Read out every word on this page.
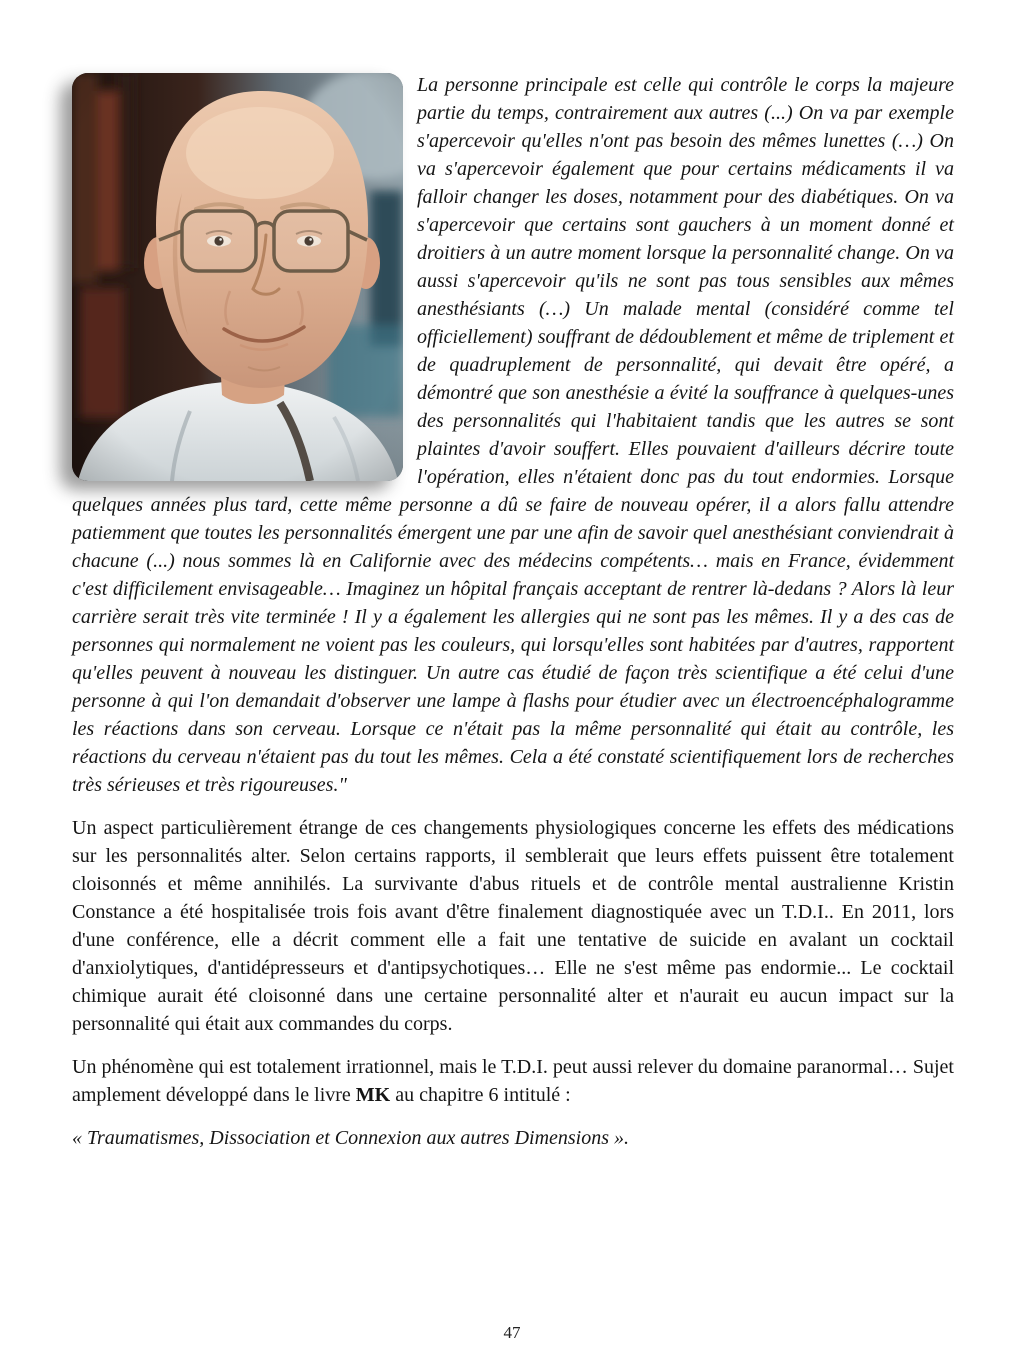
La personne principale est celle qui contrôle le corps la majeure partie du temps, contrairement aux autres (...) On va par exemple s'apercevoir qu'elles n'ont pas besoin des mêmes lunettes (…) On va s'apercevoir également que pour certains médicaments il va falloir changer les doses, notamment pour des diabétiques. On va s'apercevoir que certains sont gauchers à un moment donné et droitiers à un autre moment lorsque la personnalité change. On va aussi s'apercevoir qu'ils ne sont pas tous sensibles aux mêmes anesthésiants (…) Un malade mental (considéré comme tel officiellement) souffrant de dédoublement et même de triplement et de quadruplement de personnalité, qui devait être opéré, a démontré que son anesthésie a évité la souffrance à quelques-unes des personnalités qui l'habitaient tandis que les autres se sont plaintes d'avoir souffert. Elles pouvaient d'ailleurs décrire toute l'opération, elles n'étaient donc pas du tout endormies. Lorsque quelques années plus tard, cette même personne a dû se faire de nouveau opérer, il a alors fallu attendre patiemment que toutes les personnalités émergent une par une afin de savoir quel anesthésiant conviendrait à chacune (...) nous sommes là en Californie avec des médecins compétents… mais en France, évidemment c'est difficilement envisageable… Imaginez un hôpital français acceptant de rentrer là-dedans ? Alors là leur carrière serait très vite terminée ! Il y a également les allergies qui ne sont pas les mêmes. Il y a des cas de personnes qui normalement ne voient pas les couleurs, qui lorsqu'elles sont habitées par d'autres, rapportent qu'elles peuvent à nouveau les distinguer. Un autre cas étudié de façon très scientifique a été celui d'une personne à qui l'on demandait d'observer une lampe à flashs pour étudier avec un électroencéphalogramme les réactions dans son cerveau. Lorsque ce n'était pas la même personnalité qui était au contrôle, les réactions du cerveau n'étaient pas du tout les mêmes. Cela a été constaté scientifiquement lors de recherches très sérieuses et très rigoureuses."

Un aspect particulièrement étrange de ces changements physiologiques concerne les effets des médications sur les personnalités alter. Selon certains rapports, il semblerait que leurs effets puissent être totalement cloisonnés et même annihilés. La survivante d'abus rituels et de contrôle mental australienne Kristin Constance a été hospitalisée trois fois avant d'être finalement diagnostiquée avec un T.D.I.. En 2011, lors d'une conférence, elle a décrit comment elle a fait une tentative de suicide en avalant un cocktail d'anxiolytiques, d'antidépresseurs et d'antipsychotiques… Elle ne s'est même pas endormie... Le cocktail chimique aurait été cloisonné dans une certaine personnalité alter et n'aurait eu aucun impact sur la personnalité qui était aux commandes du corps.

Un phénomène qui est totalement irrationnel, mais le T.D.I. peut aussi relever du domaine paranormal… Sujet amplement développé dans le livre MK au chapitre 6 intitulé :

« Traumatismes, Dissociation et Connexion aux autres Dimensions ».

47
